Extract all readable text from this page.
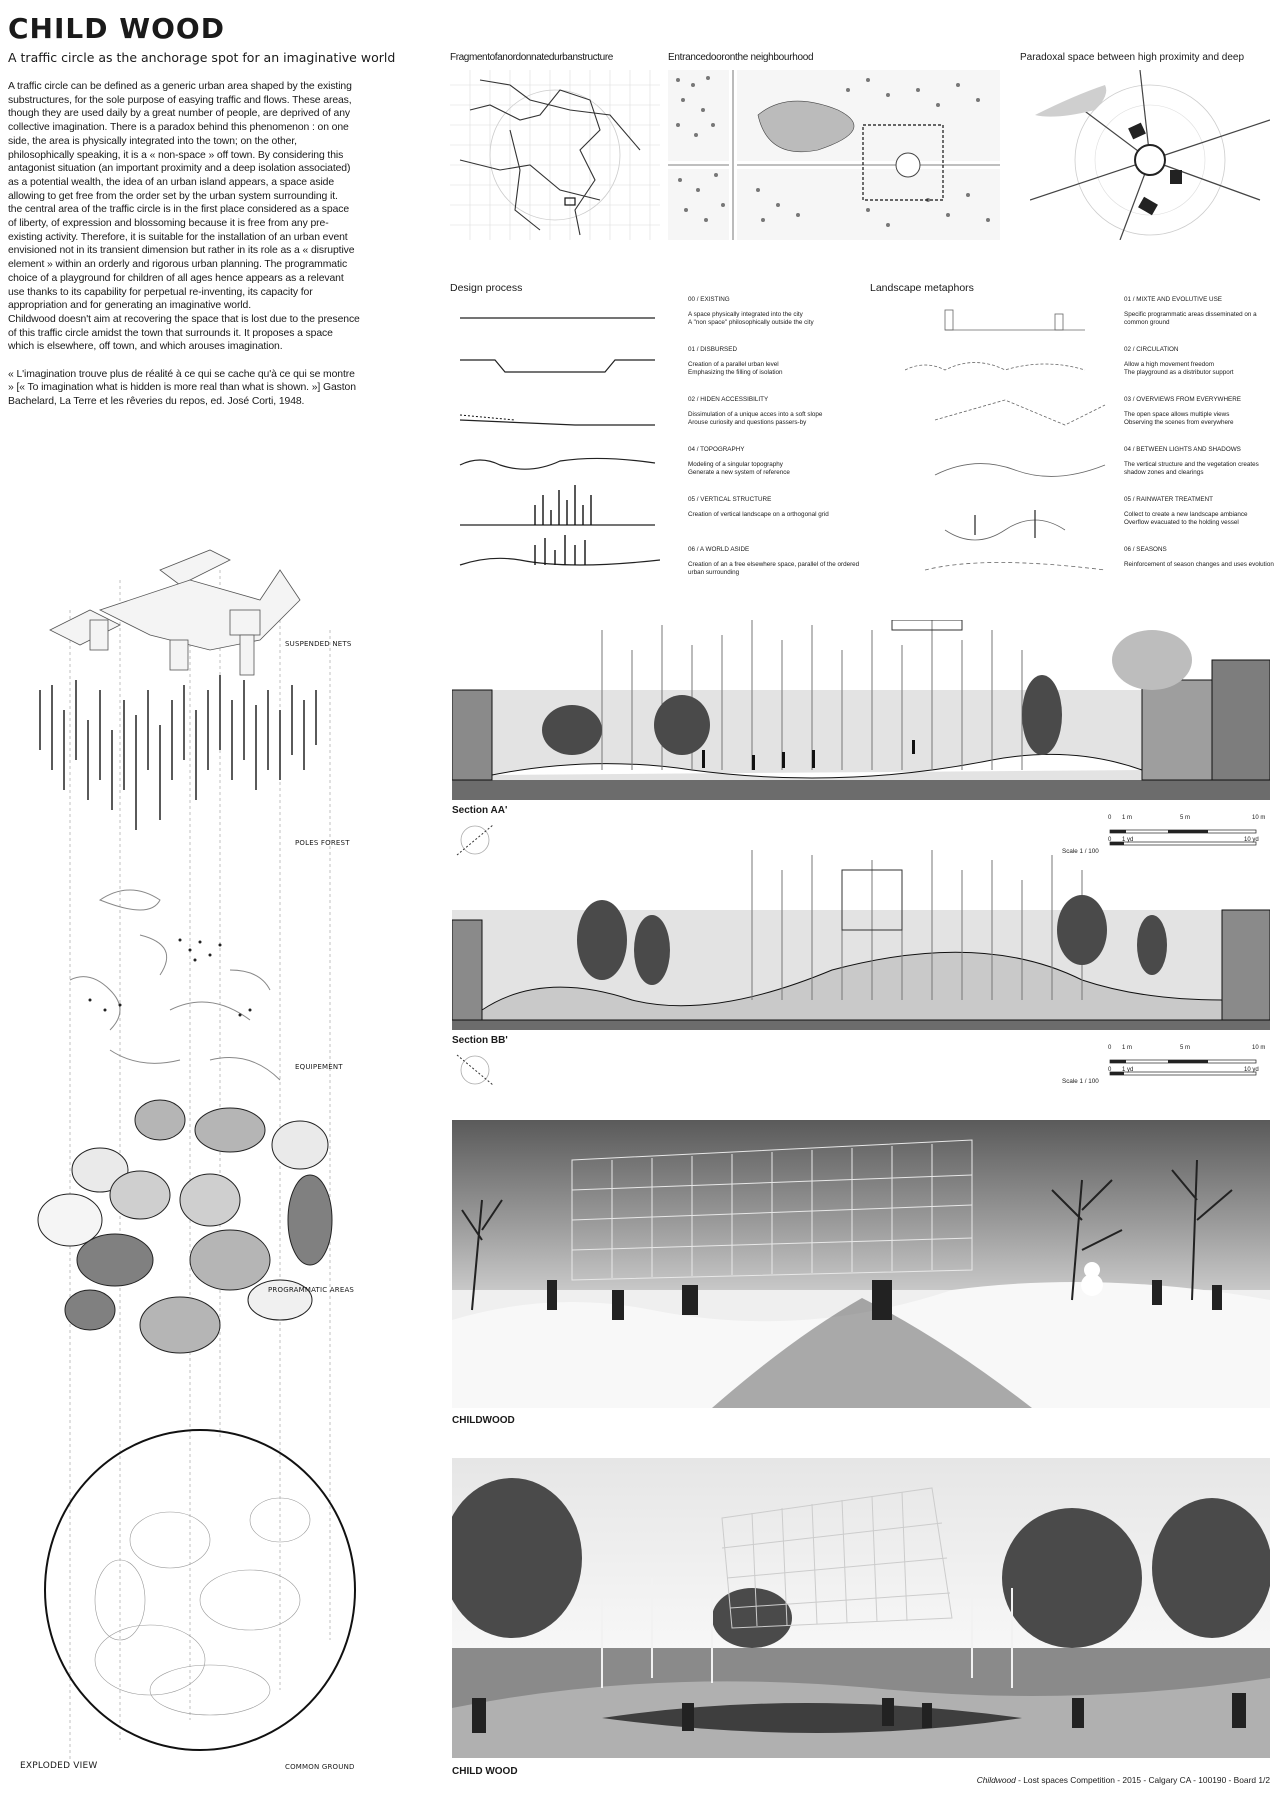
CHILD WOOD
A traffic circle as the anchorage spot for an imaginative world
A traffic circle can be defined as a generic urban area shaped by the existing substructures, for the sole purpose of easying traffic and flows. These areas, though they are used daily by a great number of people, are deprived of any collective imagination. There is a paradox behind this phenomenon : on one side, the area is physically integrated into the town; on the other, philosophically speaking, it is a « non-space » off town. By considering this antagonist situation (an important proximity and a deep isolation associated) as a potential wealth, the idea of an urban island appears, a space aside allowing to get free from the order set by the urban system surrounding it.
the central area of the traffic circle is in the first place considered as a space of liberty, of expression and blossoming because it is free from any pre-existing activity. Therefore, it is suitable for the installation of an urban event envisioned not in its transient dimension but rather in its role as a « disruptive element » within an orderly and rigorous urban planning. The programmatic choice of a playground for children of all ages hence appears as a relevant use thanks to its capability for perpetual re-inventing, its capacity for appropriation and for generating an imaginative world.
Childwood doesn't aim at recovering the space that is lost due to the presence of this traffic circle amidst the town that surrounds it. It proposes a space which is elsewhere, off town, and which arouses imagination.

« L'imagination trouve plus de réalité à ce qui se cache qu'à ce qui se montre » [« To imagination what is hidden is more real than what is shown. »] Gaston Bachelard, La Terre et les rêveries du repos, ed. José Corti, 1948.
SUSPENDED NETS
POLES FOREST
EQUIPEMENT
PROGRAMMATIC AREAS
COMMON GROUND
EXPLODED VIEW
Fragmentofanordonnatedurbanstructure	Entrancedooronthe neighbourhood	Paradoxal space between high proximity and deep
Design process
00 / EXISTING
A space physically integrated into the city
A "non space" philosophically outside the city
01 / DISBURSED
Creation of a parallel urban level
Emphasizing the filling of isolation
02 / HIDEN ACCESSIBILITY
Dissimulation of a unique acces into a soft slope
Arouse curiosity and questions passers-by
04 / TOPOGRAPHY
Modeling of a singular topography
Generate a new system of reference
05 / VERTICAL STRUCTURE
Creation of vertical landscape on a orthogonal grid
06 / A WORLD ASIDE
Creation of an a free elsewhere space, parallel of the ordered urban surrounding
Landscape metaphors
01 / MIXTE AND EVOLUTIVE USE
Specific programmatic areas disseminated on a common ground
02 / CIRCULATION
Allow a high movement freedom
The playground as a distributor support
03 / OVERVIEWS FROM EVERYWHERE
The open space allows multiple views
Observing the scenes from everywhere
04 / BETWEEN LIGHTS AND SHADOWS
The vertical structure and the vegetation creates shadow zones and clearings
05 / RAINWATER TREATMENT
Collect to create a new landscape ambiance
Overflow evacuated to the holding vessel
06 / SEASONS
Reinforcement of season changes and uses evolution
Section AA'
0 1 m	5 m	10 m
0 1 yd	10 yd
Scale 1 / 100
Section BB'
0 1 m	5 m	10 m
0 1 yd	10 yd
Scale 1 / 100
CHILDWOOD
CHILD WOOD
Childwood - Lost spaces Competition - 2015 - Calgary CA - 100190 - Board 1/2
